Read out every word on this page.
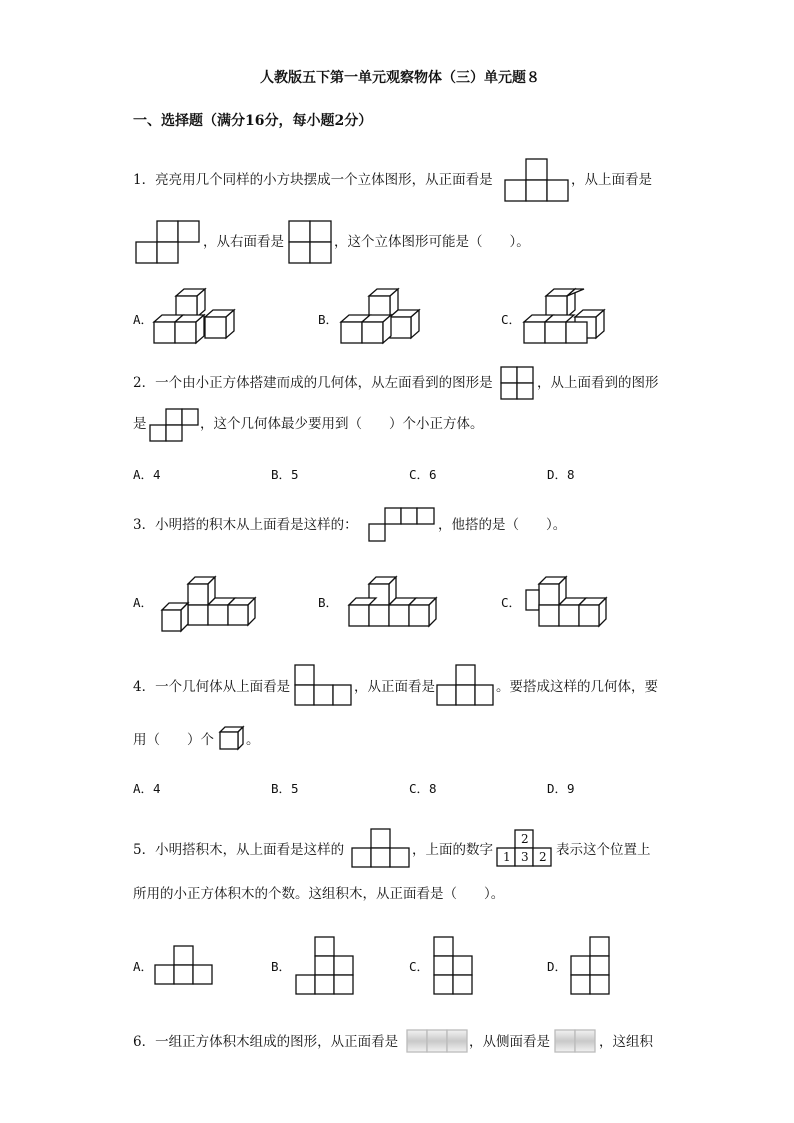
人教版五下第一单元观察物体（三）单元题８
一、选择题（满分16分，每小题2分）
1．亮亮用几个同样的小方块摆成一个立体图形，从正面看是	，从上面看是
，从右面看是	，这个立体图形可能是（　　）。
A．	B．	C．
2．一个由小正方体搭建而成的几何体，从左面看到的图形是	，从上面看到的图形
是	，这个几何体最少要用到（　　）个小正方体。
A．4	B．5	C．6	D．8
3．小明搭的积木从上面看是这样的：	，他搭的是（　　）。
A．	B．	C．
4．一个几何体从上面看是	，从正面看是	。要搭成这样的几何体，要
用（　　）个 。
A．4	B．5	C．8	D．9
5．小明搭积木，从上面看是这样的	，上面的数字
2
1 3 2 表示这个位置上
所用的小正方体积木的个数。这组积木，从正面看是（　　）。
A．	B．	C．	D．
6．一组正方体积木组成的图形，从正面看是	，从侧面看是	，这组积
